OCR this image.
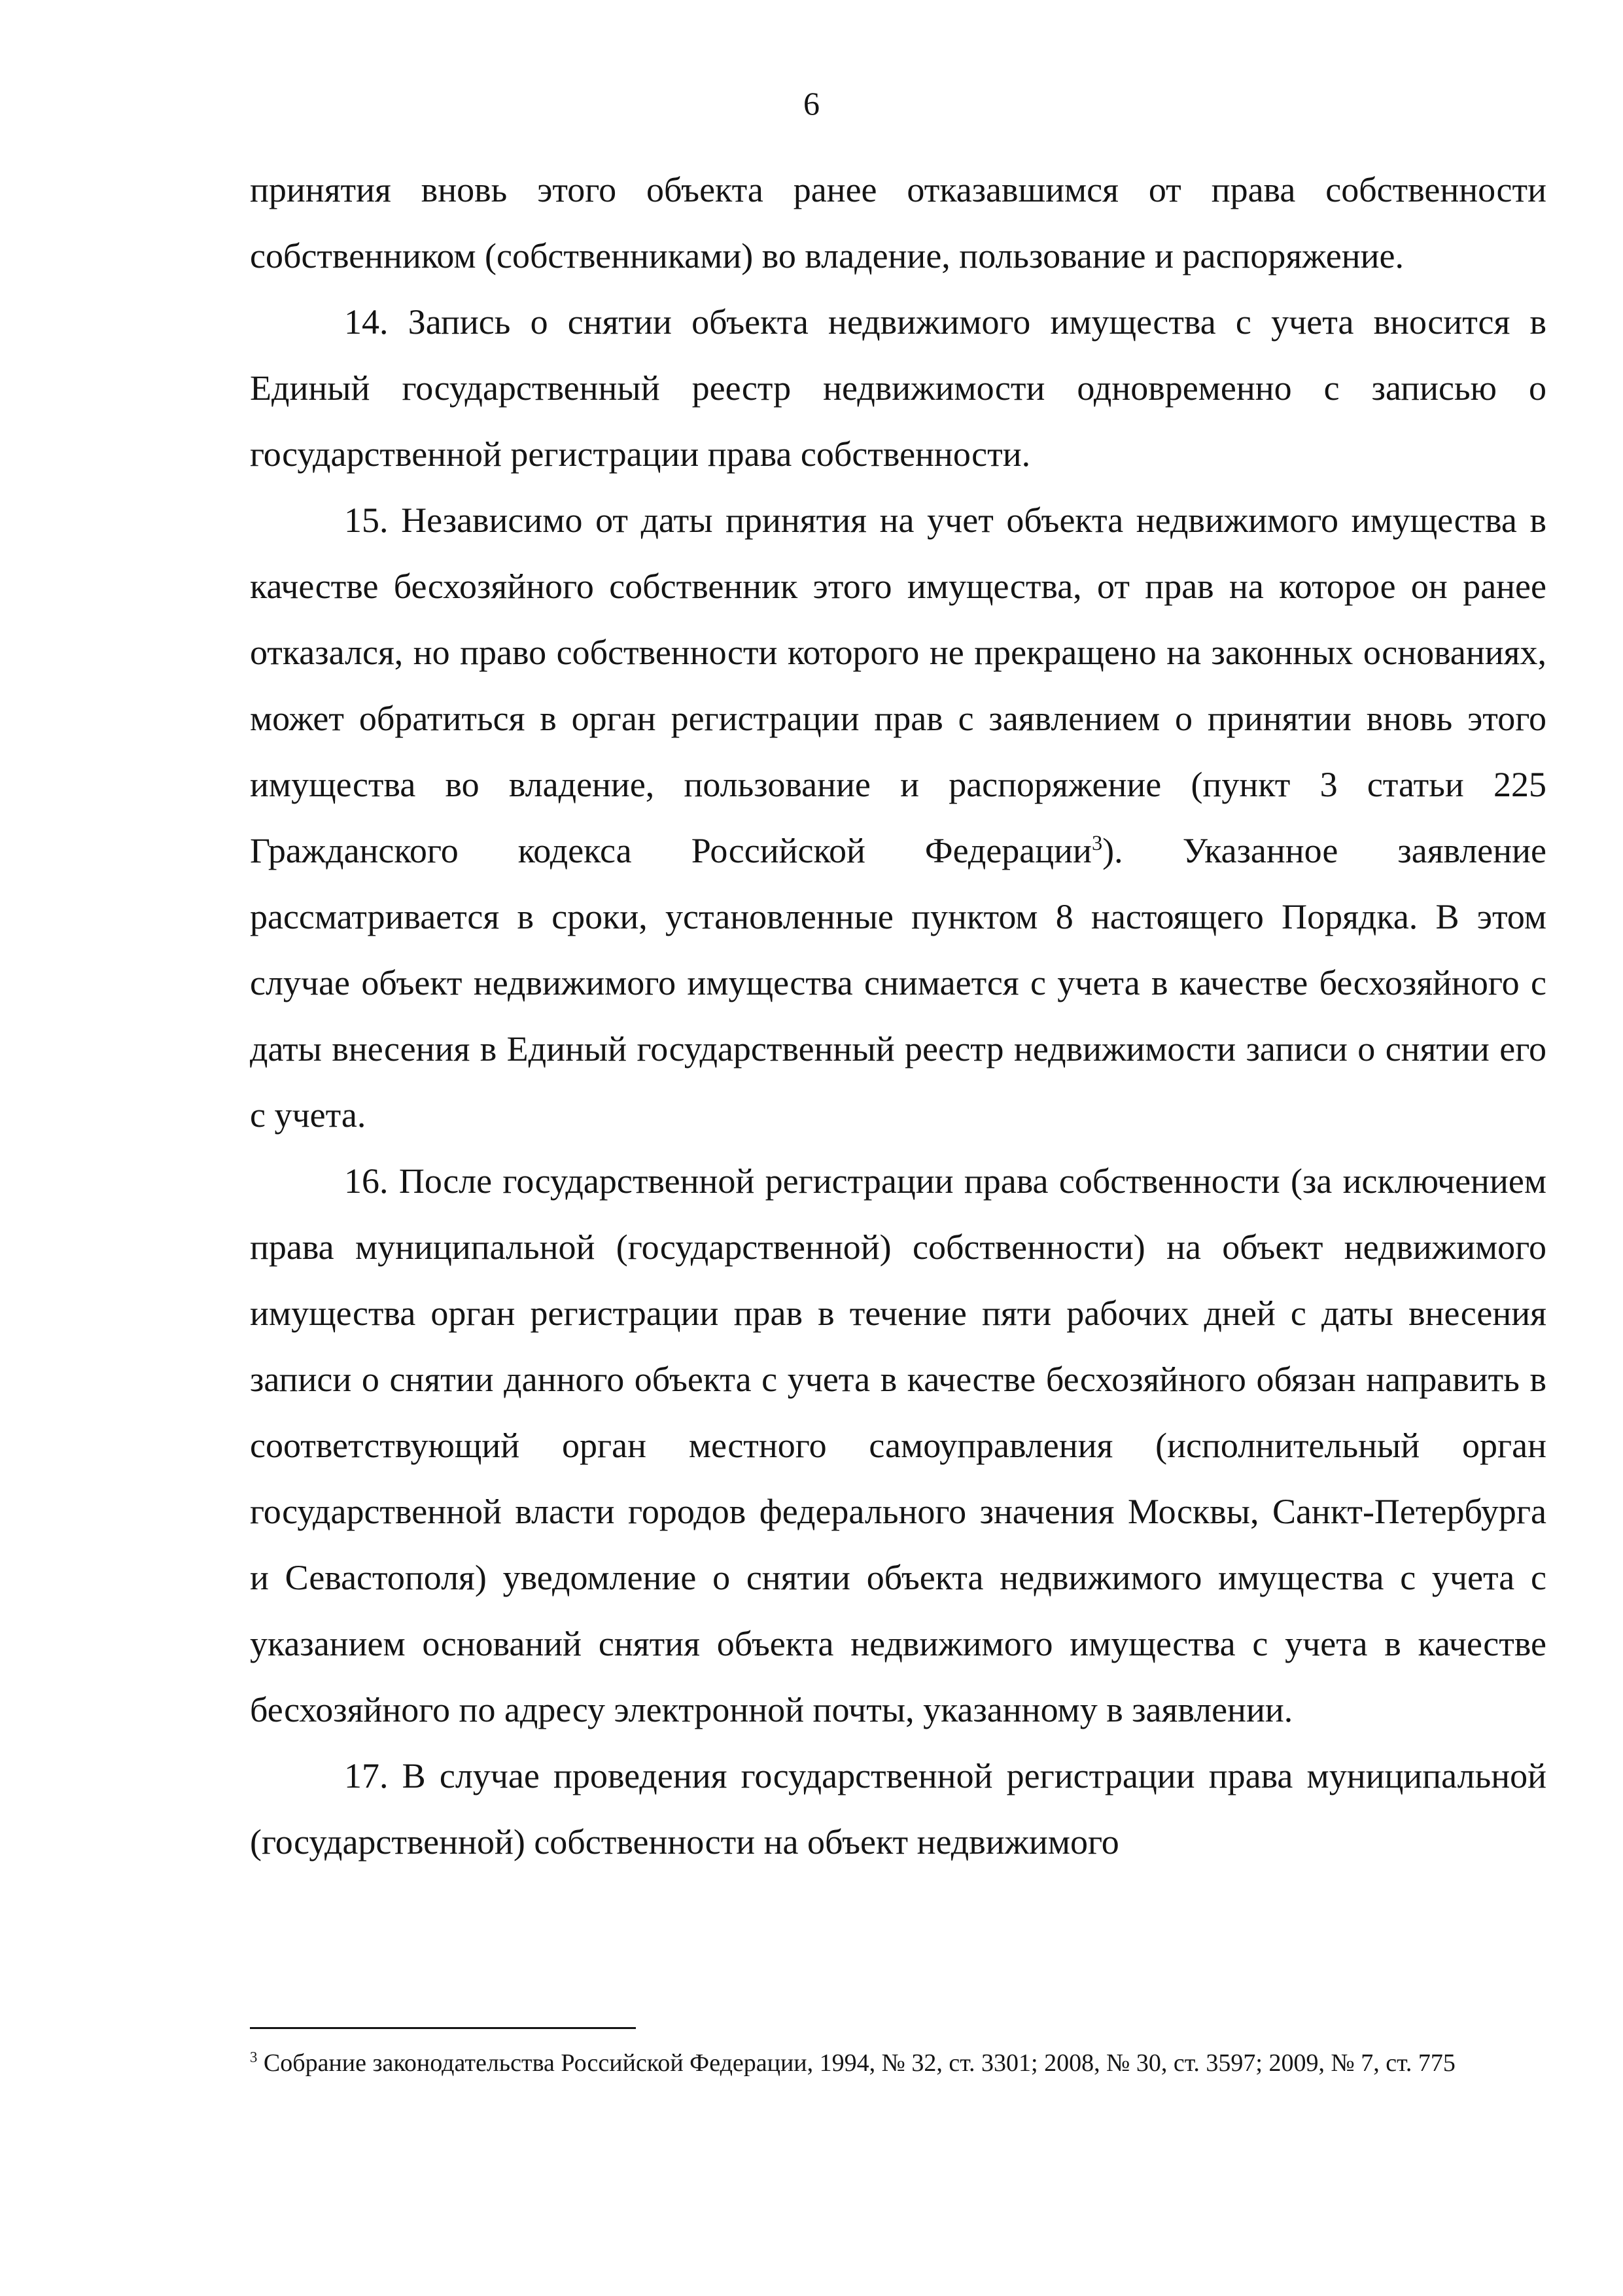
6

принятия вновь этого объекта ранее отказавшимся от права собственности собственником (собственниками) во владение, пользование и распоряжение.

14. Запись о снятии объекта недвижимого имущества с учета вносится в Единый государственный реестр недвижимости одновременно с записью о государственной регистрации права собственности.

15. Независимо от даты принятия на учет объекта недвижимого имущества в качестве бесхозяйного собственник этого имущества, от прав на которое он ранее отказался, но право собственности которого не прекращено на законных основаниях, может обратиться в орган регистрации прав с заявлением о принятии вновь этого имущества во владение, пользование и распоряжение (пункт 3 статьи 225 Гражданского кодекса Российской Федерации$^3$). Указанное заявление рассматривается в сроки, установленные пунктом 8 настоящего Порядка. В этом случае объект недвижимого имущества снимается с учета в качестве бесхозяйного с даты внесения в Единый государственный реестр недвижимости записи о снятии его с учета.

16. После государственной регистрации права собственности (за исключением права муниципальной (государственной) собственности) на объект недвижимого имущества орган регистрации прав в течение пяти рабочих дней с даты внесения записи о снятии данного объекта с учета в качестве бесхозяйного обязан направить в соответствующий орган местного самоуправления (исполнительный орган государственной власти городов федерального значения Москвы, Санкт-Петербурга и Севастополя) уведомление о снятии объекта недвижимого имущества с учета с указанием оснований снятия объекта недвижимого имущества с учета в качестве бесхозяйного по адресу электронной почты, указанному в заявлении.

17. В случае проведения государственной регистрации права муниципальной (государственной) собственности на объект недвижимого

$^3$ Собрание законодательства Российской Федерации, 1994, № 32, ст. 3301; 2008, № 30, ст. 3597; 2009, № 7, ст. 775
